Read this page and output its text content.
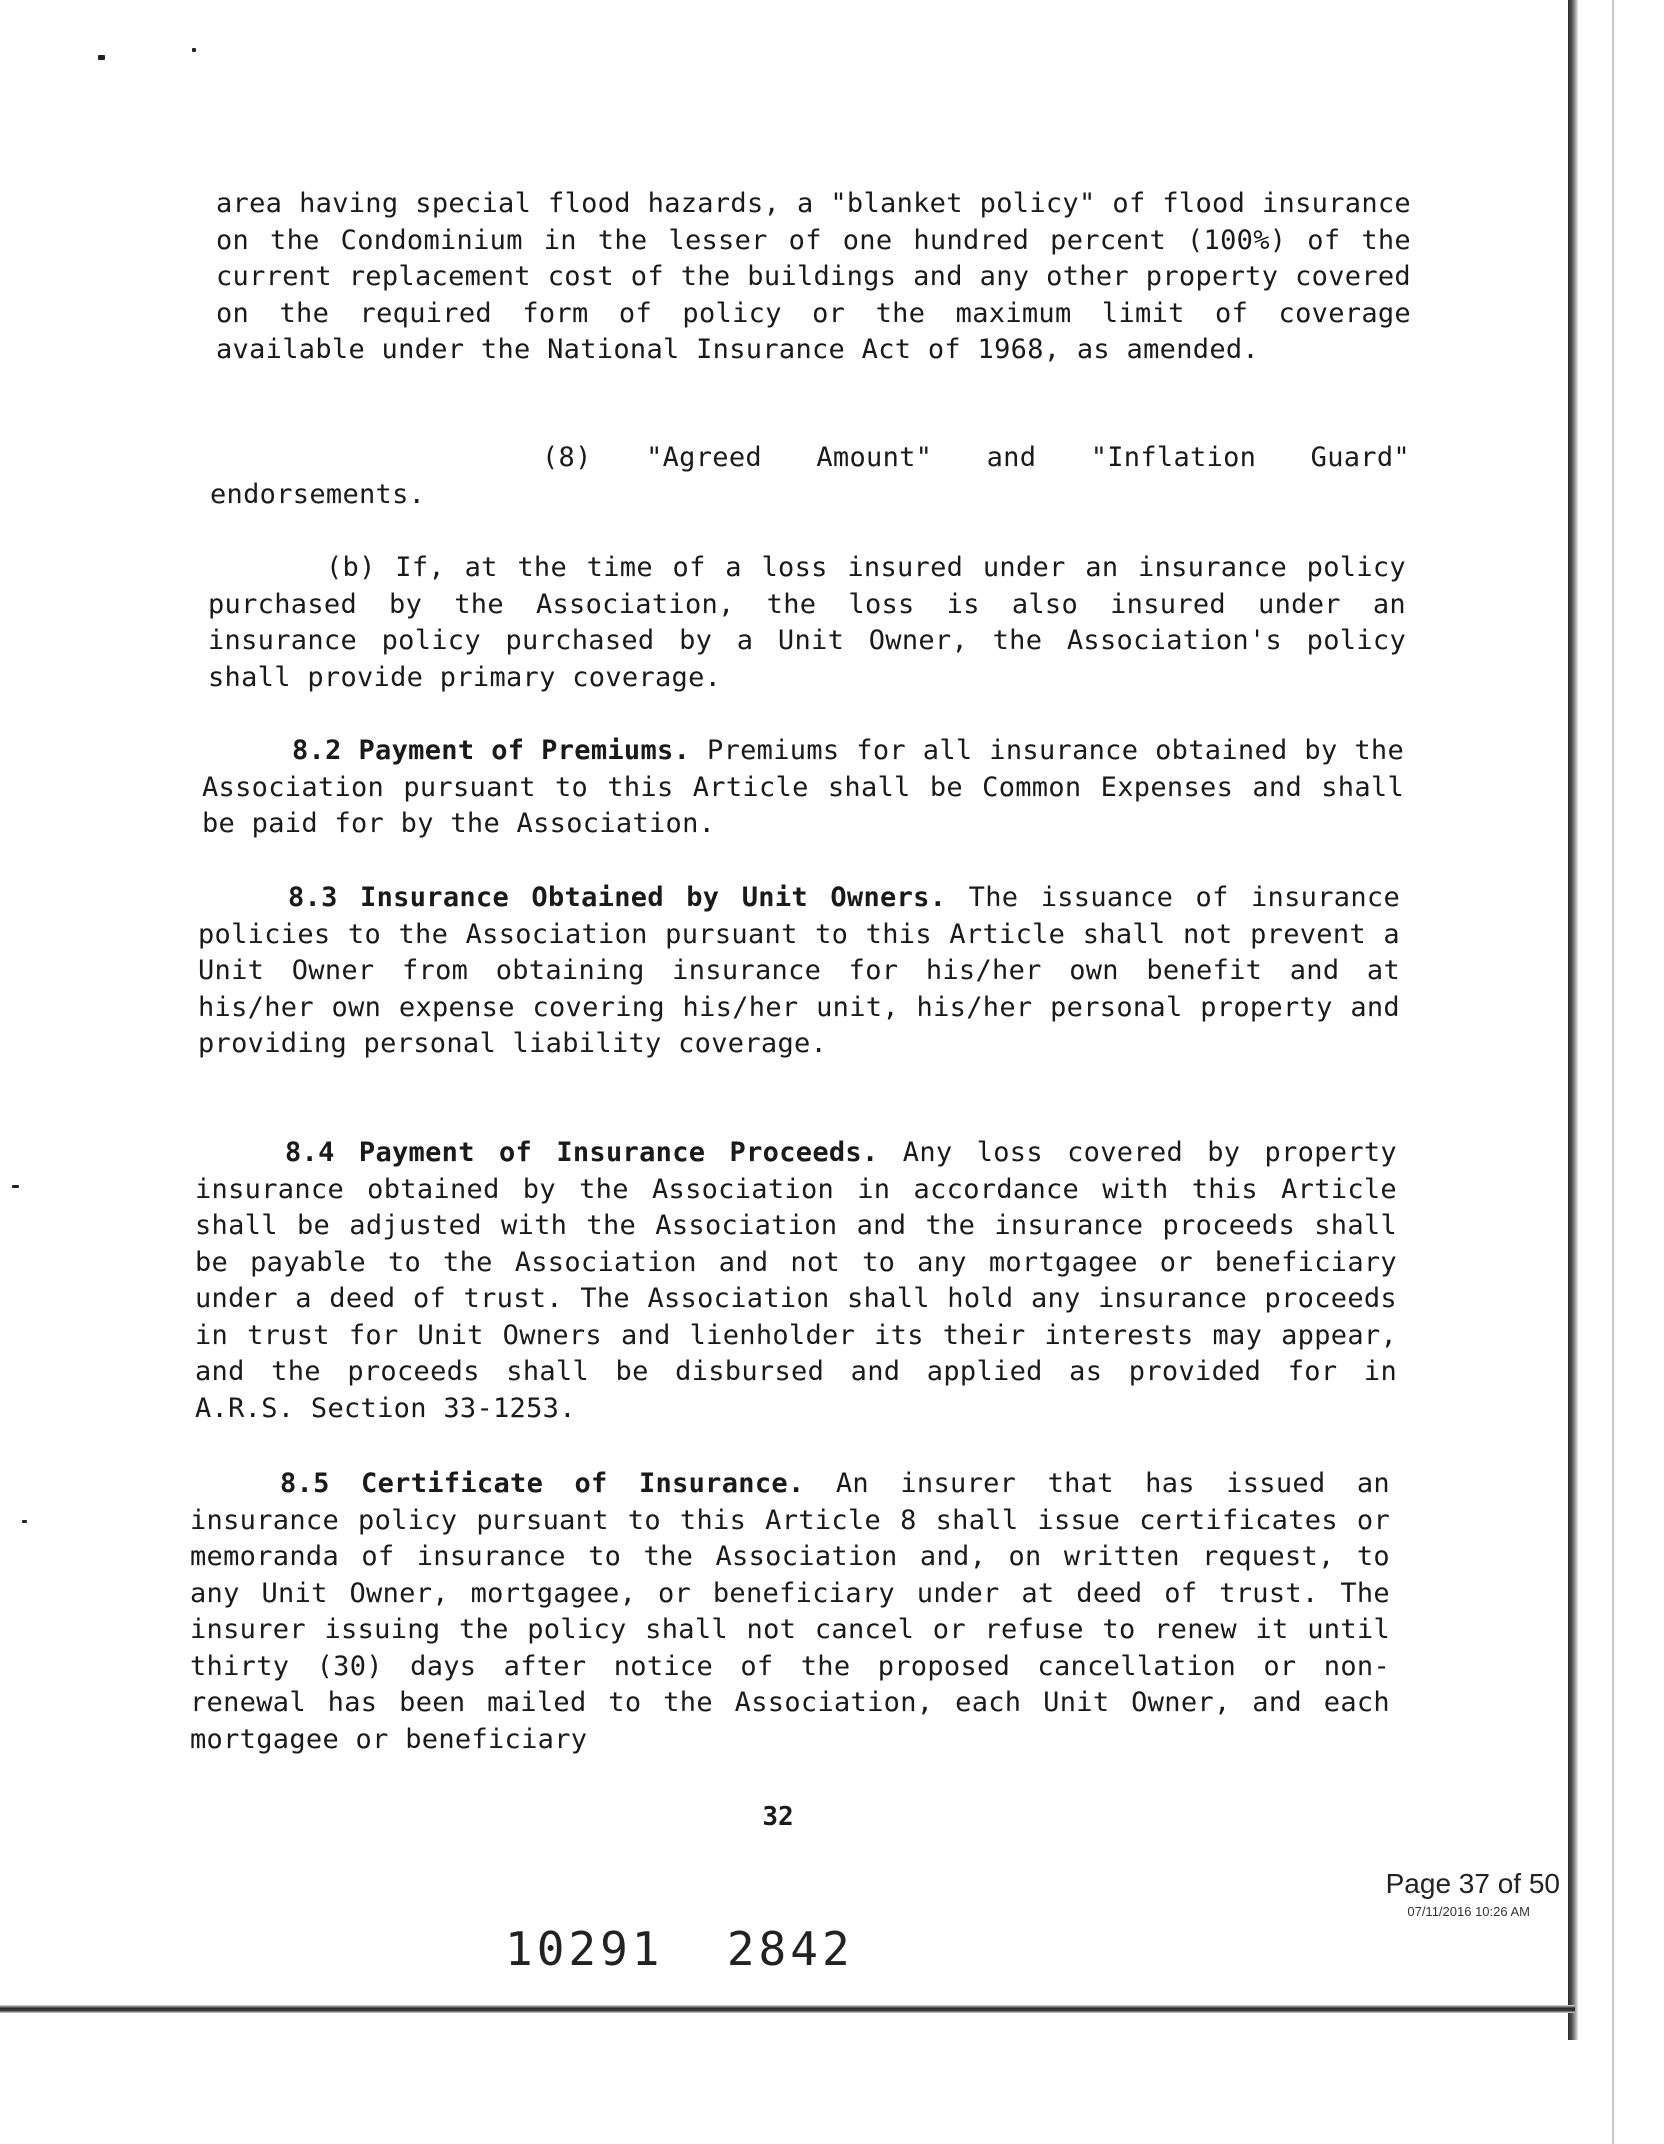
area having special flood hazards, a "blanket policy" of flood insurance on the Condominium in the lesser of one hundred percent (100%) of the current replacement cost of the buildings and any other property covered on the required form of policy or the maximum limit of coverage available under the National Insurance Act of 1968, as amended.
(8) "Agreed Amount" and "Inflation Guard"
endorsements.
(b) If, at the time of a loss insured under an insurance policy purchased by the Association, the loss is also insured under an insurance policy purchased by a Unit Owner, the Association's policy shall provide primary coverage.
8.2 Payment of Premiums. Premiums for all insurance obtained by the Association pursuant to this Article shall be Common Expenses and shall be paid for by the Association.
8.3 Insurance Obtained by Unit Owners. The issuance of insurance policies to the Association pursuant to this Article shall not prevent a Unit Owner from obtaining insurance for his/her own benefit and at his/her own expense covering his/her unit, his/her personal property and providing personal liability coverage.
8.4 Payment of Insurance Proceeds. Any loss covered by property insurance obtained by the Association in accordance with this Article shall be adjusted with the Association and the insurance proceeds shall be payable to the Association and not to any mortgagee or beneficiary under a deed of trust. The Association shall hold any insurance proceeds in trust for Unit Owners and lienholder its their interests may appear, and the proceeds shall be disbursed and applied as provided for in A.R.S. Section 33-1253.
8.5 Certificate of Insurance. An insurer that has issued an insurance policy pursuant to this Article 8 shall issue certificates or memoranda of insurance to the Association and, on written request, to any Unit Owner, mortgagee, or beneficiary under at deed of trust. The insurer issuing the policy shall not cancel or refuse to renew it until thirty (30) days after notice of the proposed cancellation or non-renewal has been mailed to the Association, each Unit Owner, and each mortgagee or beneficiary
32
Page 37 of 50
07/11/2016 10:26 AM
10291  2842
